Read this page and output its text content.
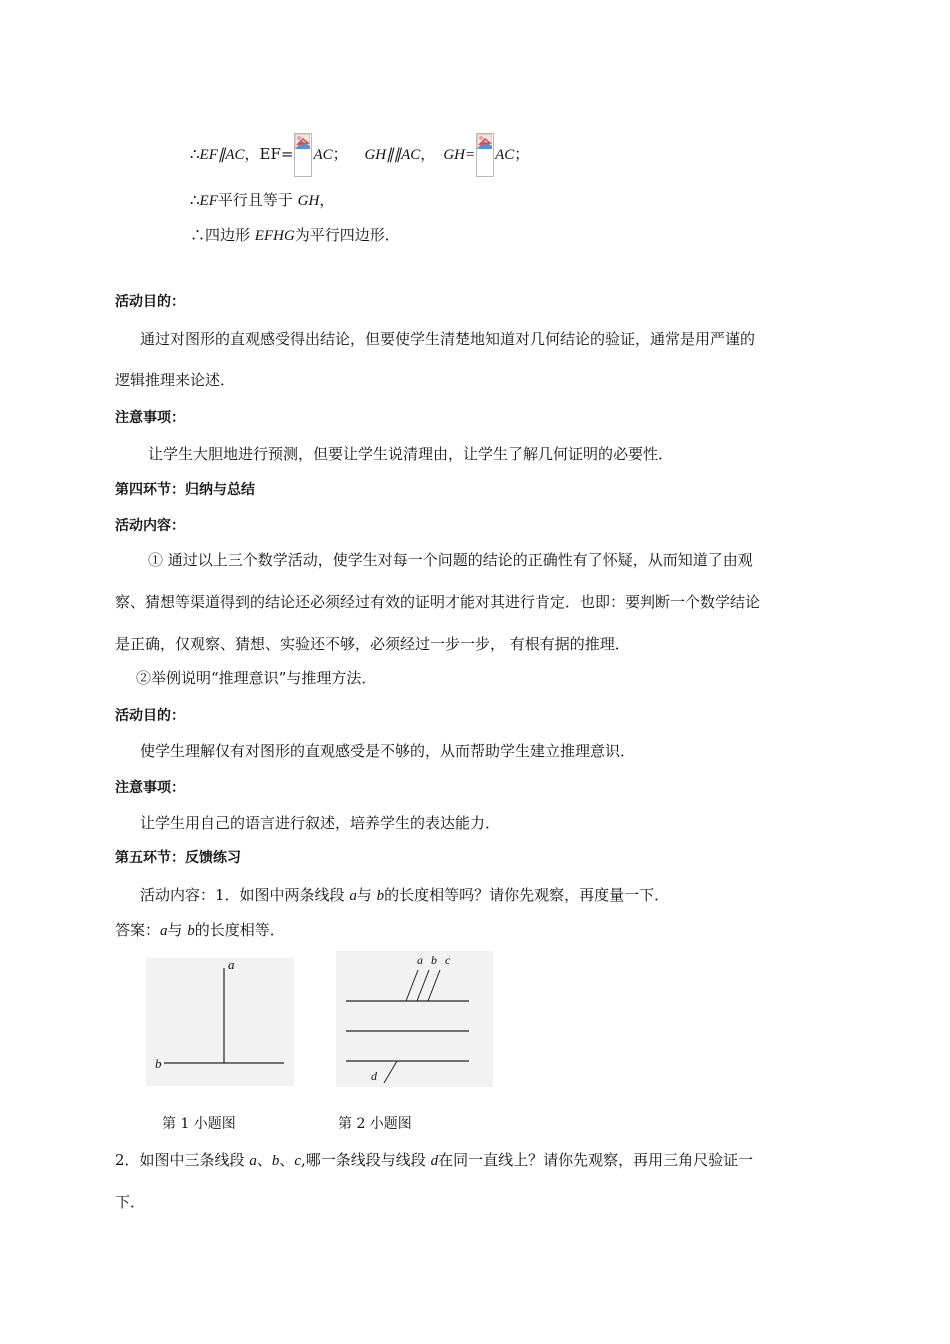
∴EF∥AC，EF= AC； GH∥∥AC， GH= AC；
∴EF平行且等于 GH，
∴四边形 EFHG为平行四边形．
活动目的：
通过对图形的直观感受得出结论，但要使学生清楚地知道对几何结论的验证，通常是用严谨的
逻辑推理来论述．
注意事项：
让学生大胆地进行预测，但要让学生说清理由，让学生了解几何证明的必要性．
第四环节：归纳与总结
活动内容：
① 通过以上三个数学活动，使学生对每一个问题的结论的正确性有了怀疑，从而知道了由观
察、猜想等渠道得到的结论还必须经过有效的证明才能对其进行肯定．也即：要判断一个数学结论
是正确，仅观察、猜想、实验还不够，必须经过一步一步， 有根有据的推理．
②举例说明“推理意识”与推理方法．
活动目的：
使学生理解仅有对图形的直观感受是不够的，从而帮助学生建立推理意识．
注意事项：
让学生用自己的语言进行叙述，培养学生的表达能力．
第五环节：反馈练习
活动内容：1．如图中两条线段 a与 b的长度相等吗？请你先观察，再度量一下．
答案：a与 b的长度相等．
a
b
a b c
d
第 1 小题图	第 2 小题图
2．如图中三条线段 a、b、c,哪一条线段与线段 d在同一直线上？请你先观察，再用三角尺验证一
下．
